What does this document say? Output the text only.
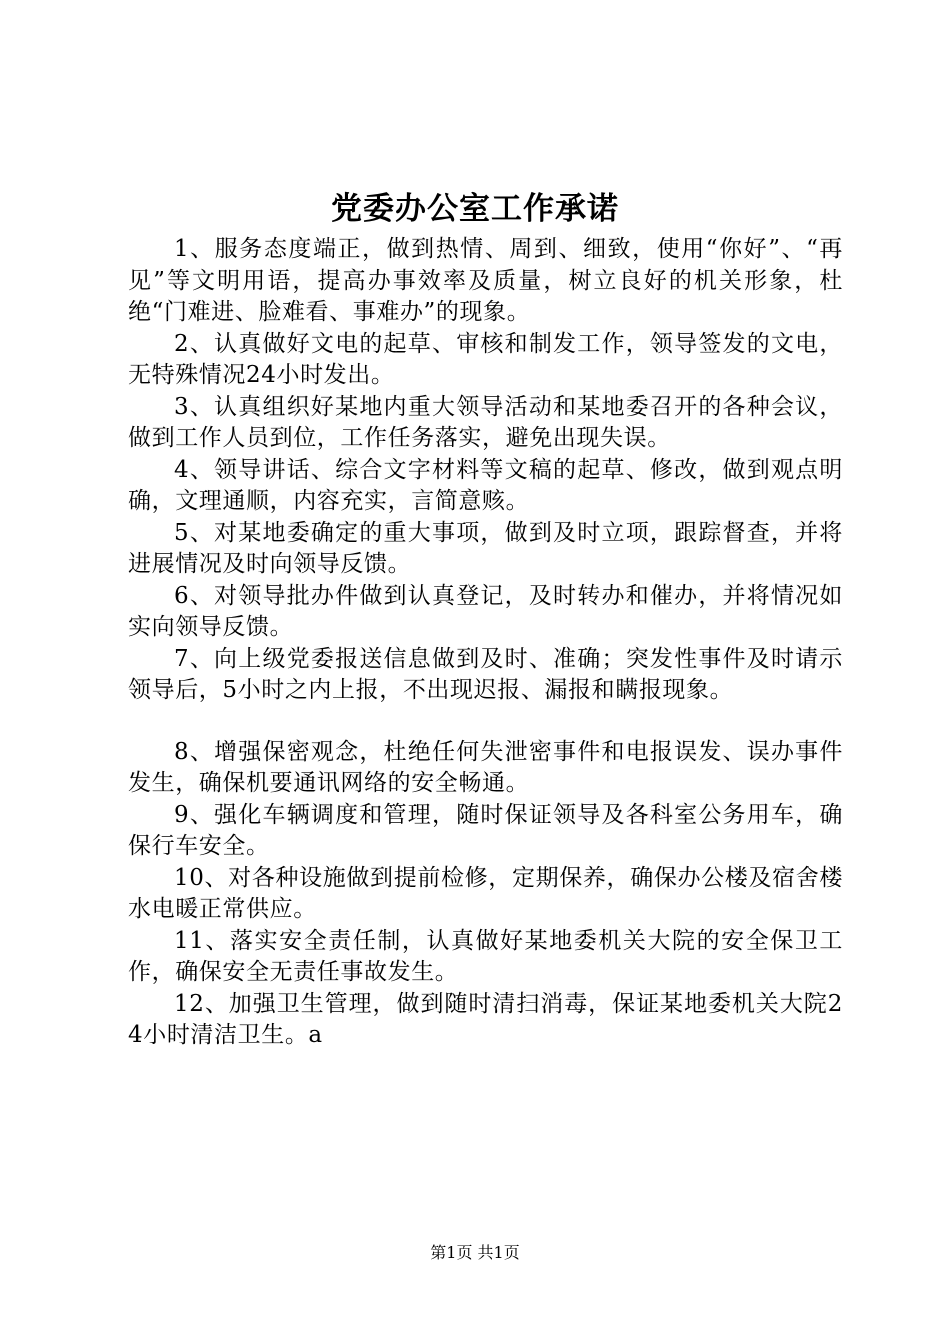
党委办公室工作承诺

1、服务态度端正，做到热情、周到、细致，使用“你好”、“再见”等文明用语，提高办事效率及质量，树立良好的机关形象，杜绝“门难进、脸难看、事难办”的现象。

2、认真做好文电的起草、审核和制发工作，领导签发的文电，无特殊情况24小时发出。

3、认真组织好某地内重大领导活动和某地委召开的各种会议，做到工作人员到位，工作任务落实，避免出现失误。

4、领导讲话、综合文字材料等文稿的起草、修改，做到观点明确，文理通顺，内容充实，言简意赅。

5、对某地委确定的重大事项，做到及时立项，跟踪督查，并将进展情况及时向领导反馈。

6、对领导批办件做到认真登记，及时转办和催办，并将情况如实向领导反馈。

7、向上级党委报送信息做到及时、准确；突发性事件及时请示领导后，5小时之内上报，不出现迟报、漏报和瞒报现象。

8、增强保密观念，杜绝任何失泄密事件和电报误发、误办事件发生，确保机要通讯网络的安全畅通。

9、强化车辆调度和管理，随时保证领导及各科室公务用车，确保行车安全。

10、对各种设施做到提前检修，定期保养，确保办公楼及宿舍楼水电暖正常供应。

11、落实安全责任制，认真做好某地委机关大院的安全保卫工作，确保安全无责任事故发生。

12、加强卫生管理，做到随时清扫消毒，保证某地委机关大院24小时清洁卫生。a

第1页 共1页
